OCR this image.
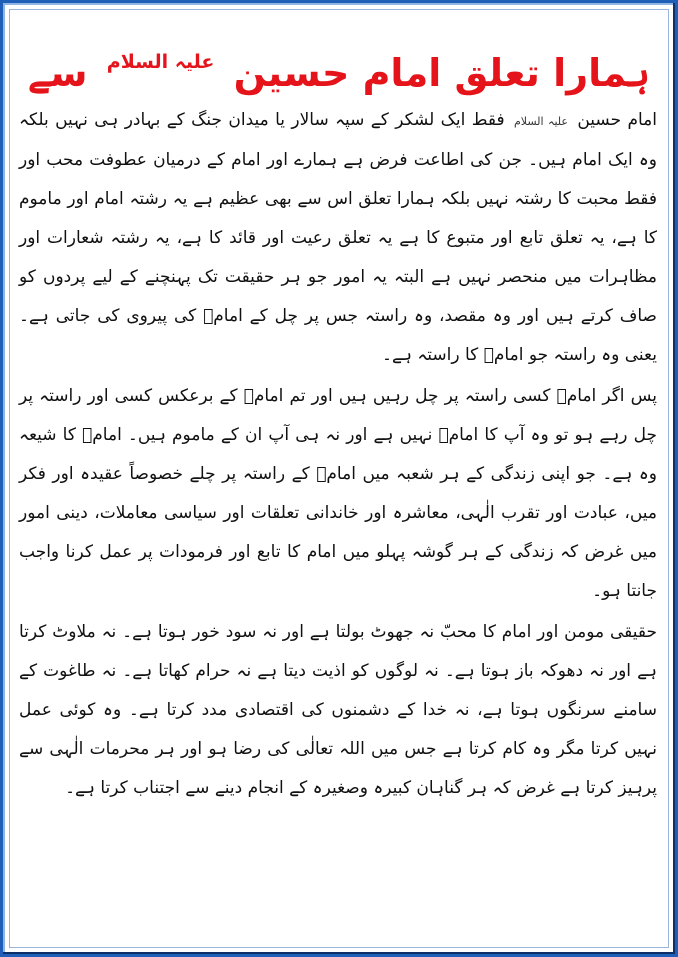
ہمارا تعلق امام حسین $^{علیہ السلام}$ سے

امام حسین علیہ السلام فقط ایک لشکر کے سپہ سالار یا میدان جنگ کے بہادر ہی نہیں بلکہ وہ ایک امام ہیں۔ جن کی اطاعت فرض ہے ہمارے اور امام کے درمیان عطوفت محب اور فقط محبت کا رشتہ نہیں بلکہ ہمارا تعلق اس سے بھی عظیم ہے یہ رشتہ امام اور ماموم کا ہے، یہ تعلق تابع اور متبوع کا ہے یہ تعلق رعیت اور قائد کا ہے، یہ رشتہ شعارات اور مظاہرات میں منحصر نہیں ہے البتہ یہ امور جو ہر حقیقت تک پہنچنے کے لیے پردوں کو صاف کرتے ہیں اور وہ مقصد، وہ راستہ جس پر چل کے امامؑ کی پیروی کی جاتی ہے۔ یعنی وہ راستہ جو امامؑ کا راستہ ہے۔

پس اگر امامؑ کسی راستہ پر چل رہیں ہیں اور تم امامؑ کے برعکس کسی اور راستہ پر چل رہے ہو تو وہ آپ کا امامؑ نہیں ہے اور نہ ہی آپ ان کے ماموم ہیں۔ امامؑ کا شیعہ وہ ہے۔ جو اپنی زندگی کے ہر شعبہ میں امامؑ کے راستہ پر چلے خصوصاً عقیدہ اور فکر میں، عبادت اور تقرب الٰہی، معاشرہ اور خاندانی تعلقات اور سیاسی معاملات، دینی امور میں غرض کہ زندگی کے ہر گوشہ پہلو میں امام کا تابع اور فرمودات پر عمل کرنا واجب جانتا ہو۔

حقیقی مومن اور امام کا محبّ نہ جھوٹ بولتا ہے اور نہ سود خور ہوتا ہے۔ نہ ملاوٹ کرتا ہے اور نہ دھوکہ باز ہوتا ہے۔ نہ لوگوں کو اذیت دیتا ہے نہ حرام کھاتا ہے۔ نہ طاغوت کے سامنے سرنگوں ہوتا ہے، نہ خدا کے دشمنوں کی اقتصادی مدد کرتا ہے۔ وہ کوئی عمل نہیں کرتا مگر وہ کام کرتا ہے جس میں اللہ تعالٰی کی رضا ہو اور ہر محرمات الٰہی سے پرہیز کرتا ہے غرض کہ ہر گناہان کبیرہ وصغیرہ کے انجام دینے سے اجتناب کرتا ہے۔
